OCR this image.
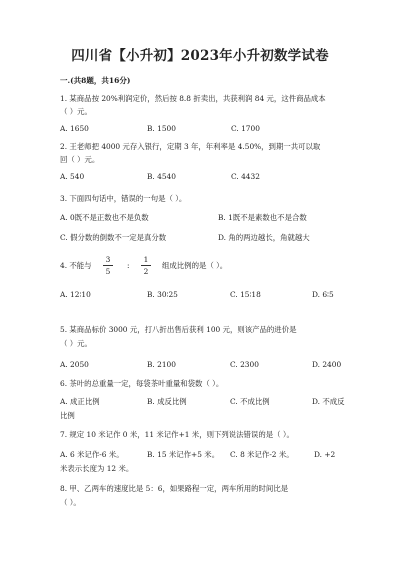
四川省【小升初】2023年小升初数学试卷
一.(共8题，共16分)
1. 某商品按 20%利润定价，然后按 8.8 折卖出，共获利润 84 元，这件商品成本
（ ）元。
A. 1650	B. 1500	C. 1700
2. 王老师把 4000 元存入银行，定期 3 年，年利率是 4.50%，到期一共可以取
回（ ）元。
A. 540	B. 4540	C. 4432
3. 下面四句话中，错误的一句是（ ）。
A. 0既不是正数也不是负数	B. 1既不是素数也不是合数
C. 假分数的倒数不一定是真分数	D. 角的两边越长，角就越大
4. 不能与
3
5
:
1
2
组成比例的是（ ）。
A. 12∶10	B. 30∶25	C. 15∶18	D. 6∶5
5. 某商品标价 3000 元，打八折出售后获利 100 元，则该产品的进价是
（ ）元。
A. 2050	B. 2100	C. 2300	D. 2400
6. 茶叶的总重量一定，每袋茶叶重量和袋数（ ）。
A. 成正比例	B. 成反比例	C. 不成比例	D. 不成反
比例
7. 规定 10 米记作 0 米，11 米记作+1 米，则下列说法错误的是（ ）。
A. 6 米记作-6 米。	B. 15 米记作+5 米。 C. 8 米记作-2 米。	D. +2
米表示长度为 12 米。
8. 甲、乙两车的速度比是 5：6，如果路程一定，两车所用的时间比是
（ ）。
